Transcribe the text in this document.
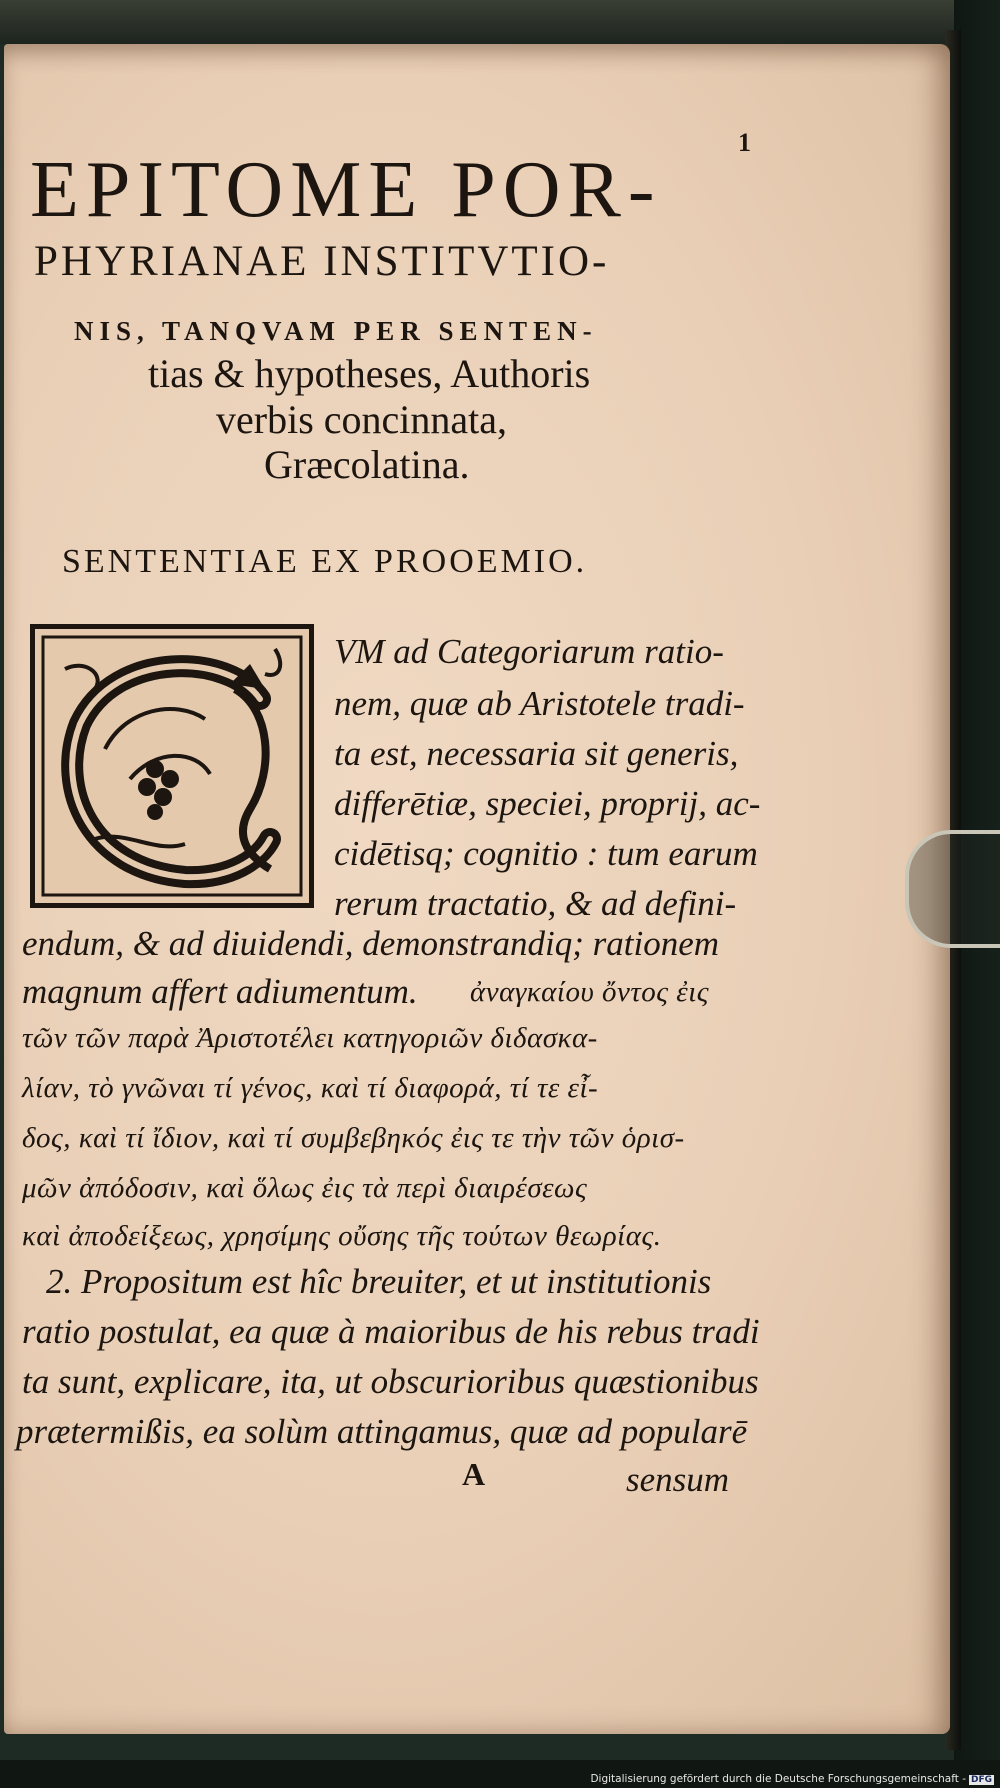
1
EPITOME POR-
PHYRIANAE INSTITVTIO-
NIS, TANQVAM PER SENTEN-
tias & hypotheses, Authoris
verbis concinnata,
Græcolatina.
SENTENTIAE EX PROOEMIO.
VM ad Categoriarum ratio-
nem, quæ ab Aristotele tradi-
ta est, necessaria sit generis,
differētiæ, speciei, proprij, ac-
cidētisq; cognitio : tum earum
rerum tractatio, & ad defini-
endum, & ad diuidendi, demonstrandiq; rationem
magnum affert adiumentum. ἀναγκαίου ὄντος ἐις
τῶν τῶν παρὰ Ἀριστοτέλει κατηγοριῶν διδασκα-
λίαν, τὸ γνῶναι τί γένος, καὶ τί διαφορά, τί τε εἶ-
δος, καὶ τί ἴδιον, καὶ τί συμβεβηκός ἐις τε τὴν τῶν ὁρισ-
μῶν ἀπόδοσιν, καὶ ὅλως ἐις τὰ περὶ διαιρέσεως
καὶ ἀποδείξεως, χρησίμης οὔσης τῆς τούτων θεωρίας.
2. Propositum est hîc breuiter, et ut institutionis
ratio postulat, ea quæ à maioribus de his rebus tradi
ta sunt, explicare, ita, ut obscurioribus quæstionibus
prætermißis, ea solùm attingamus, quæ ad popularē
A	sensum
Digitalisierung gefördert durch die Deutsche Forschungsgemeinschaft - DFG
